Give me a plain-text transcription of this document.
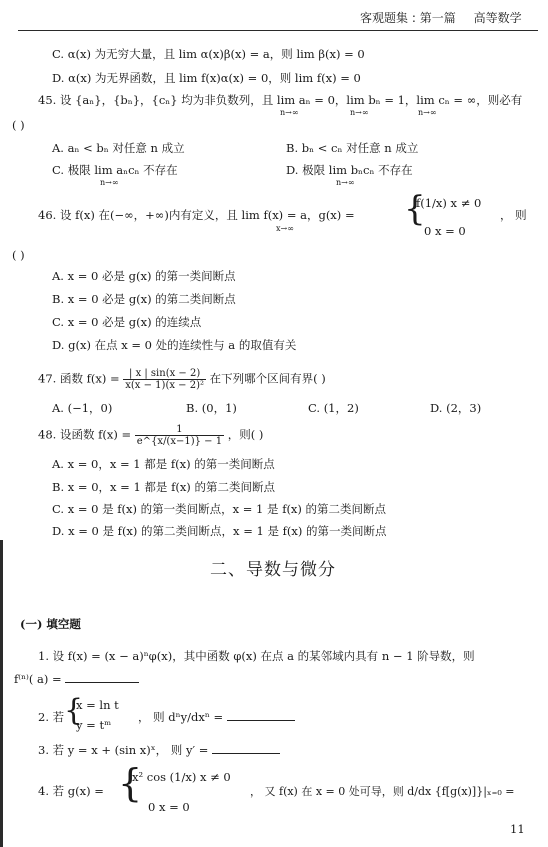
客观题集 : 第一篇 高等数学
C. α(x) 为无穷大量，且 lim α(x)β(x) = a，则 lim β(x) = 0
D. α(x) 为无界函数，且 lim f(x)α(x) = 0，则 lim f(x) = 0
45. 设 {aₙ}，{bₙ}，{cₙ} 均为非负数列，且 lim aₙ = 0，lim bₙ = 1，lim cₙ = ∞，则必有
n→∞	n→∞	n→∞
( )
A. aₙ < bₙ 对任意 n 成立	B. bₙ < cₙ 对任意 n 成立
C. 极限 lim aₙcₙ 不存在
n→∞
D. 极限 lim bₙcₙ 不存在
n→∞
46. 设 f(x) 在(−∞，+∞)内有定义，且 lim f(x) = a，g(x) =
x→∞	{
f(1/x) x ≠ 0
0 x = 0
， 则
( )
A. x = 0 必是 g(x) 的第一类间断点
B. x = 0 必是 g(x) 的第二类间断点
C. x = 0 必是 g(x) 的连续点
D. g(x) 在点 x = 0 处的连续性与 a 的取值有关
47. 函数 $f(x) = \frac{| x | \sin(x - 2)}{\text{x(x − 1)(x − 2)²}}$ 在下列哪个区间有界( )
A. (−1，0)	B. (0，1)	C. (1，2)	D. (2，3)
48. 设函数 $f(x) = \frac{1}{e\^{}\{x/(x-1)\} - 1}$ ，则( )
A. x = 0，x = 1 都是 f(x) 的第一类间断点
B. x = 0，x = 1 都是 f(x) 的第二类间断点
C. x = 0 是 f(x) 的第一类间断点，x = 1 是 f(x) 的第二类间断点
D. x = 0 是 f(x) 的第二类间断点，x = 1 是 f(x) 的第一类间断点
二、导数与微分
(一) 填空题
1. 设 f(x) = (x − a)ⁿφ(x)，其中函数 φ(x) 在点 a 的某邻域内具有 n − 1 阶导数，则
f⁽ⁿ⁾( a) =
2. 若 {
x = ln t
y = tᵐ
， 则 dⁿy/dxⁿ =
3. 若 y = x + (sin x)ˣ， 则 y′ =
4. 若 g(x) = {
x² cos (1/x) x ≠ 0
0 x = 0
， 又 f(x) 在 x = 0 处可导，则 d/dx {f[g(x)]}|ₓ₌₀ =
11
